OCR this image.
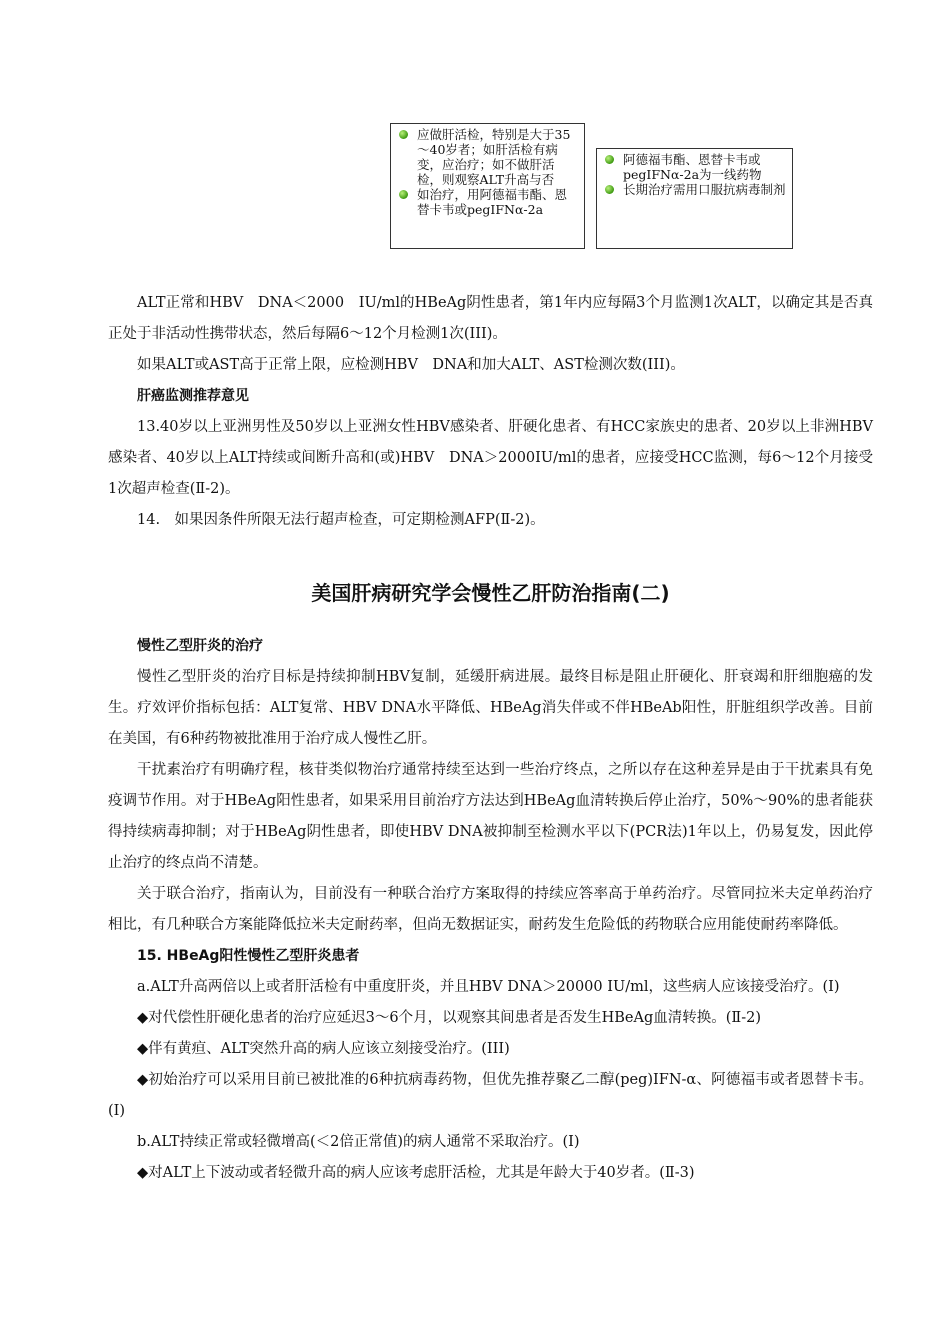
应做肝活检，特别是大于35～40岁者；如肝活检有病变，应治疗；如不做肝活检，则观察ALT升高与否

如治疗，用阿德福韦酯、恩替卡韦或pegIFNα-2a

阿德福韦酯、恩替卡韦或pegIFNα-2a为一线药物

长期治疗需用口服抗病毒制剂

ALT正常和HBV　DNA＜2000　IU/ml的HBeAg阴性患者，第1年内应每隔3个月监测1次ALT，以确定其是否真正处于非活动性携带状态，然后每隔6～12个月检测1次(III)。

如果ALT或AST高于正常上限，应检测HBV　DNA和加大ALT、AST检测次数(III)。

肝癌监测推荐意见

13.40岁以上亚洲男性及50岁以上亚洲女性HBV感染者、肝硬化患者、有HCC家族史的患者、20岁以上非洲HBV感染者、40岁以上ALT持续或间断升高和(或)HBV　DNA＞2000IU/ml的患者，应接受HCC监测，每6～12个月接受1次超声检查(Ⅱ-2)。

14.　如果因条件所限无法行超声检查，可定期检测AFP(Ⅱ-2)。

美国肝病研究学会慢性乙肝防治指南(二)

慢性乙型肝炎的治疗

慢性乙型肝炎的治疗目标是持续抑制HBV复制，延缓肝病进展。最终目标是阻止肝硬化、肝衰竭和肝细胞癌的发生。疗效评价指标包括：ALT复常、HBV DNA水平降低、HBeAg消失伴或不伴HBeAb阳性，肝脏组织学改善。目前在美国，有6种药物被批准用于治疗成人慢性乙肝。

干扰素治疗有明确疗程，核苷类似物治疗通常持续至达到一些治疗终点，之所以存在这种差异是由于干扰素具有免疫调节作用。对于HBeAg阳性患者，如果采用目前治疗方法达到HBeAg血清转换后停止治疗，50%～90%的患者能获得持续病毒抑制；对于HBeAg阴性患者，即使HBV DNA被抑制至检测水平以下(PCR法)1年以上，仍易复发，因此停止治疗的终点尚不清楚。

关于联合治疗，指南认为，目前没有一种联合治疗方案取得的持续应答率高于单药治疗。尽管同拉米夫定单药治疗相比，有几种联合方案能降低拉米夫定耐药率，但尚无数据证实，耐药发生危险低的药物联合应用能使耐药率降低。

15. HBeAg阳性慢性乙型肝炎患者

a.ALT升高两倍以上或者肝活检有中重度肝炎，并且HBV DNA＞20000 IU/ml，这些病人应该接受治疗。(Ⅰ)

◆对代偿性肝硬化患者的治疗应延迟3～6个月，以观察其间患者是否发生HBeAg血清转换。(Ⅱ-2)

◆伴有黄疸、ALT突然升高的病人应该立刻接受治疗。(III)

◆初始治疗可以采用目前已被批准的6种抗病毒药物，但优先推荐聚乙二醇(peg)IFN-α、阿德福韦或者恩替卡韦。(Ⅰ)

b.ALT持续正常或轻微增高(＜2倍正常值)的病人通常不采取治疗。(Ⅰ)

◆对ALT上下波动或者轻微升高的病人应该考虑肝活检，尤其是年龄大于40岁者。(Ⅱ-3)
